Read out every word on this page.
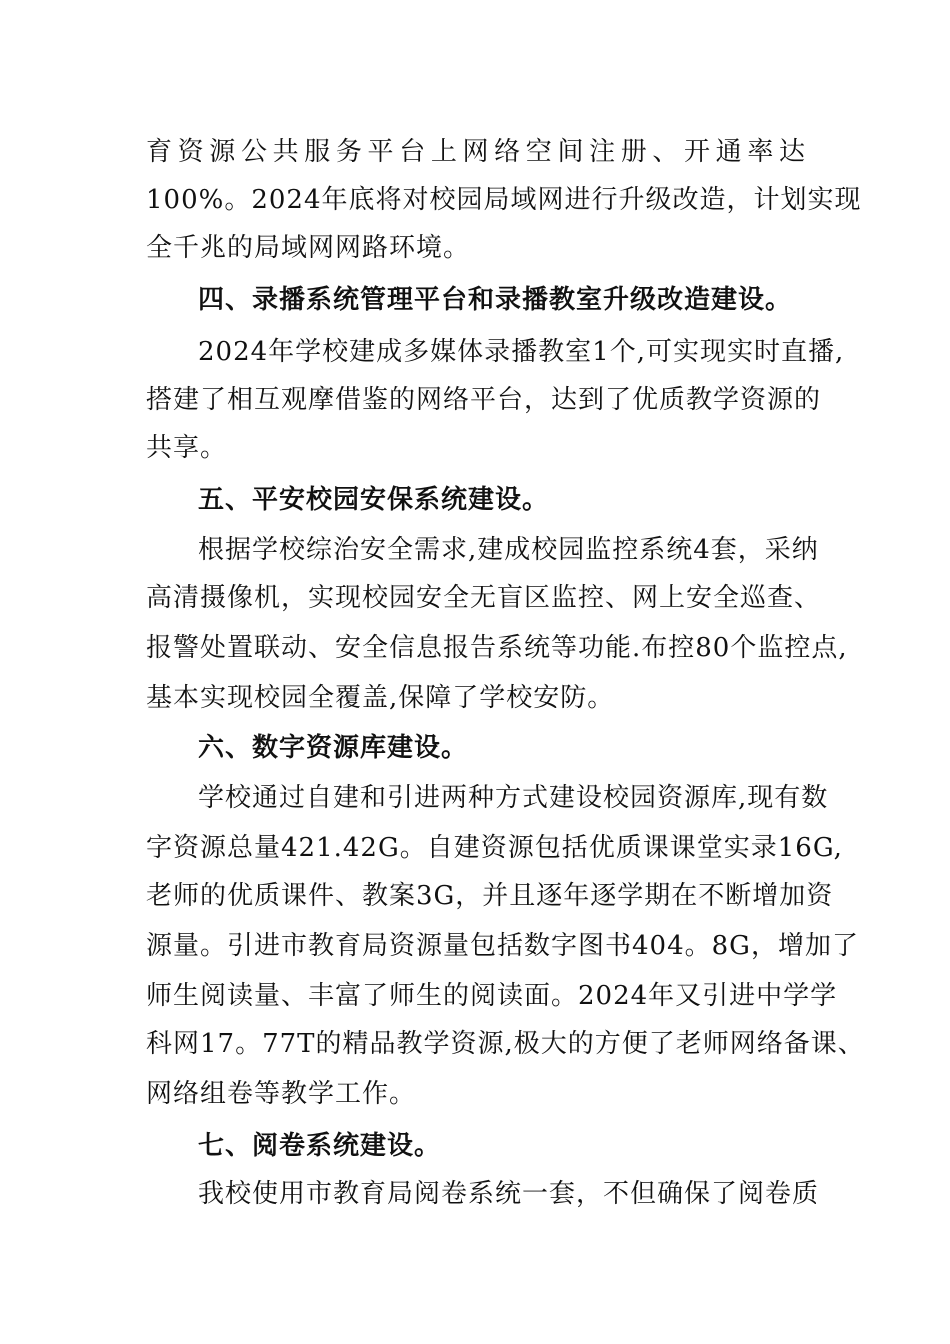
育资源公共服务平台上网络空间注册、开通率达
100%。2024年底将对校园局域网进行升级改造，计划实现
全千兆的局域网网路环境。
四、录播系统管理平台和录播教室升级改造建设。
2024年学校建成多媒体录播教室1个,可实现实时直播,
搭建了相互观摩借鉴的网络平台，达到了优质教学资源的
共享。
五、平安校园安保系统建设。
根据学校综治安全需求,建成校园监控系统4套，采纳
高清摄像机，实现校园安全无盲区监控、网上安全巡查、
报警处置联动、安全信息报告系统等功能.布控80个监控点,
基本实现校园全覆盖,保障了学校安防。
六、数字资源库建设。
学校通过自建和引进两种方式建设校园资源库,现有数
字资源总量421.42G。自建资源包括优质课课堂实录16G,
老师的优质课件、教案3G，并且逐年逐学期在不断增加资
源量。引进市教育局资源量包括数字图书404。8G，增加了
师生阅读量、丰富了师生的阅读面。2024年又引进中学学
科网17。77T的精品教学资源,极大的方便了老师网络备课、
网络组卷等教学工作。
七、阅卷系统建设。
我校使用市教育局阅卷系统一套，不但确保了阅卷质
